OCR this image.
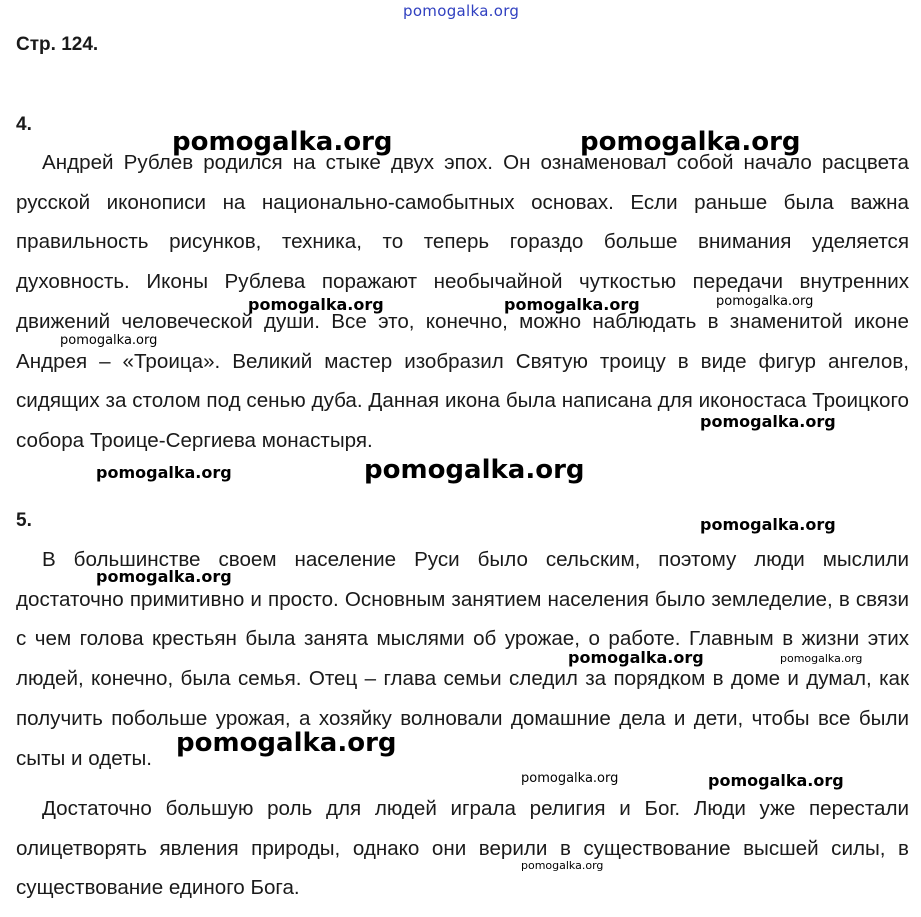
pomogalka.org
Стр. 124.
4.

Андрей Рублев родился на стыке двух эпох. Он ознаменовал собой начало расцвета русской иконописи на национально-самобытных основах. Если раньше была важна правильность рисунков, техника, то теперь гораздо больше внимания уделяется духовность. Иконы Рублева поражают необычайной чуткостью передачи внутренних движений человеческой души. Все это, конечно, можно наблюдать в знаменитой иконе Андрея – «Троица». Великий мастер изобразил Святую троицу в виде фигур ангелов, сидящих за столом под сенью дуба. Данная икона была написана для иконостаса Троицкого собора Троице-Сергиева монастыря.

5.

В большинстве своем население Руси было сельским, поэтому люди мыслили достаточно примитивно и просто. Основным занятием населения было земледелие, в связи с чем голова крестьян была занята мыслями об урожае, о работе. Главным в жизни этих людей, конечно, была семья. Отец – глава семьи следил за порядком в доме и думал, как получить побольше урожая, а хозяйку волновали домашние дела и дети, чтобы все были сыты и одеты.

Достаточно большую роль для людей играла религия и Бог. Люди уже перестали олицетворять явления природы, однако они верили в существование высшей силы, в существование единого Бога.

pomogalka.org	pomogalka.org
pomogalka.org	pomogalka.org	pomogalka.org
pomogalka.org
pomogalka.org
pomogalka.org	pomogalka.org
pomogalka.org
pomogalka.org
pomogalka.org	pomogalka.org
pomogalka.org
pomogalka.org	pomogalka.org
pomogalka.org
